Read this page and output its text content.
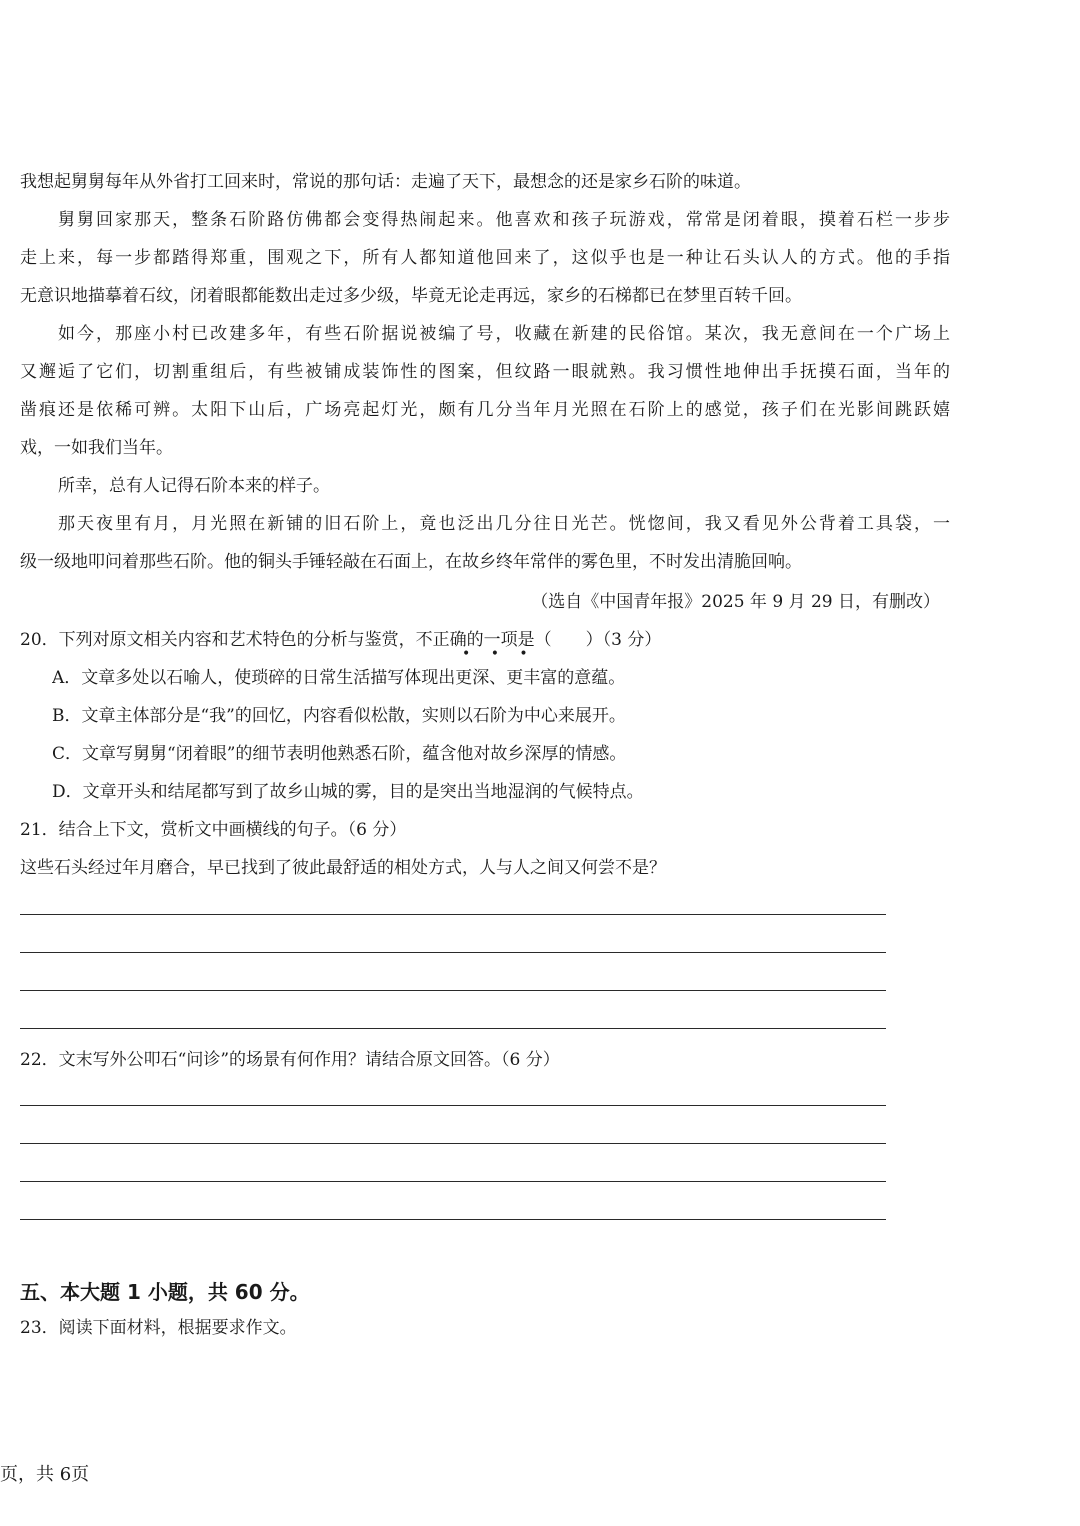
我想起舅舅每年从外省打工回来时，常说的那句话：走遍了天下，最想念的还是家乡石阶的味道。
舅舅回家那天，整条石阶路仿佛都会变得热闹起来。他喜欢和孩子玩游戏，常常是闭着眼，摸着石栏一步步
走上来，每一步都踏得郑重，围观之下，所有人都知道他回来了，这似乎也是一种让石头认人的方式。他的手指
无意识地描摹着石纹，闭着眼都能数出走过多少级，毕竟无论走再远，家乡的石梯都已在梦里百转千回。
如今，那座小村已改建多年，有些石阶据说被编了号，收藏在新建的民俗馆。某次，我无意间在一个广场上
又邂逅了它们，切割重组后，有些被铺成装饰性的图案，但纹路一眼就熟。我习惯性地伸出手抚摸石面，当年的
凿痕还是依稀可辨。太阳下山后，广场亮起灯光，颇有几分当年月光照在石阶上的感觉，孩子们在光影间跳跃嬉
戏，一如我们当年。
所幸，总有人记得石阶本来的样子。
那天夜里有月，月光照在新铺的旧石阶上，竟也泛出几分往日光芒。恍惚间，我又看见外公背着工具袋，一
级一级地叩问着那些石阶。他的铜头手锤轻敲在石面上，在故乡终年常伴的雾色里，不时发出清脆回响。
（选自《中国青年报》2025 年 9 月 29 日，有删改）
20．下列对原文相关内容和艺术特色的分析与鉴赏，不正确的一项是（　　）（3 分）
• • •
A．文章多处以石喻人，使琐碎的日常生活描写体现出更深、更丰富的意蕴。
B．文章主体部分是“我”的回忆，内容看似松散，实则以石阶为中心来展开。
C．文章写舅舅“闭着眼”的细节表明他熟悉石阶，蕴含他对故乡深厚的情感。
D．文章开头和结尾都写到了故乡山城的雾，目的是突出当地湿润的气候特点。
21．结合上下文，赏析文中画横线的句子。（6 分）
这些石头经过年月磨合，早已找到了彼此最舒适的相处方式，人与人之间又何尝不是？
22．文末写外公叩石“问诊”的场景有何作用？请结合原文回答。（6 分）
五、本大题 1 小题，共 60 分。
23．阅读下面材料，根据要求作文。
页，共 6页
